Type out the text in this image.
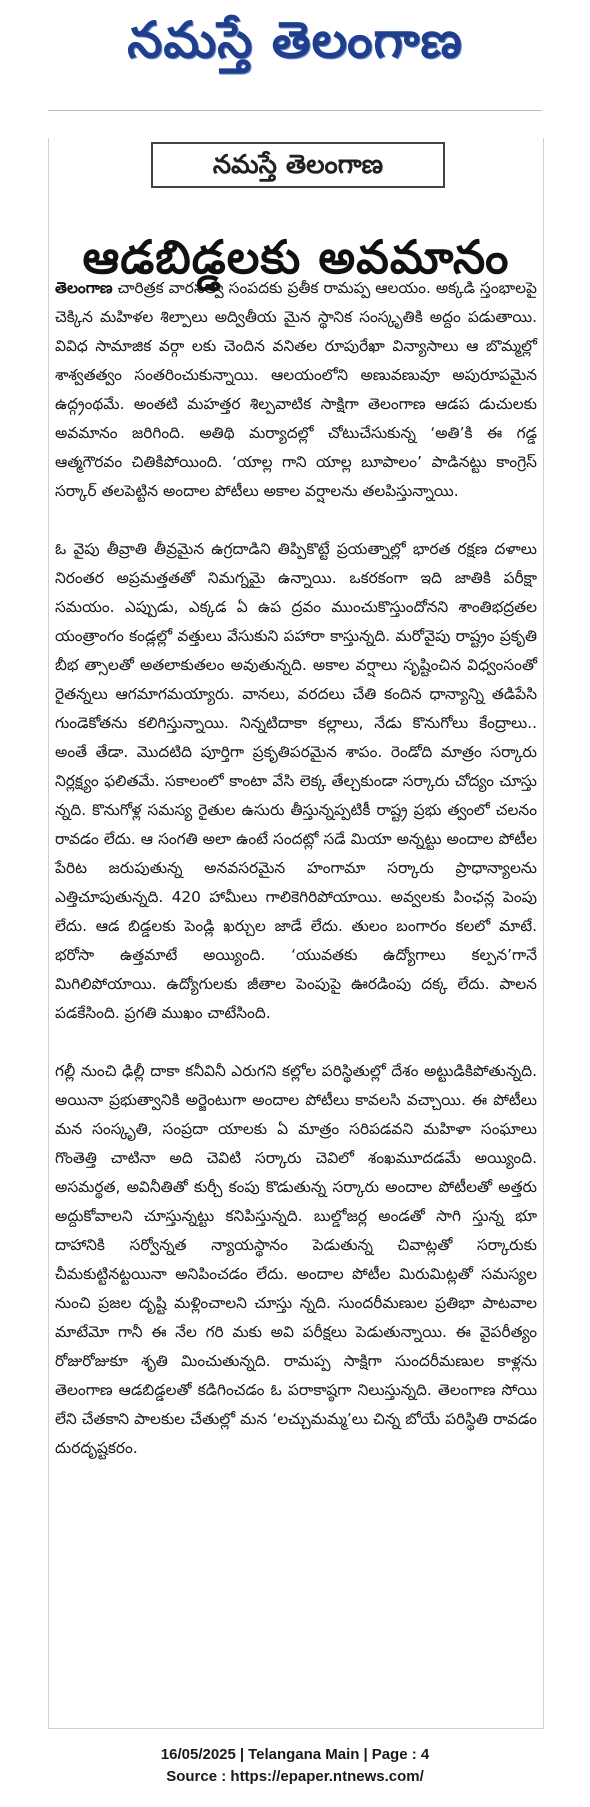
నమస్తే తెలంగాణ
నమస్తే తెలంగాణ
ఆడబిడ్డలకు అవమానం

తెలంగాణ చారిత్రక వారసత్వ సంపదకు ప్రతీక రామప్ప ఆలయం. అక్కడి స్తంభాలపై చెక్కిన మహిళల శిల్పాలు అద్వితీయ మైన స్థానిక సంస్కృతికి అద్దం పడుతాయి. వివిధ సామాజిక వర్గా లకు చెందిన వనితల రూపురేఖా విన్యాసాలు ఆ బొమ్మల్లో శాశ్వతత్వం సంతరించుకున్నాయి. ఆలయంలోని అణువణువూ అపురూపమైన ఉద్గ్రంథమే. అంతటి మహత్తర శిల్పవాటిక సాక్షిగా తెలంగాణ ఆడప డుచులకు అవమానం జరిగింది. అతిథి మర్యాదల్లో చోటుచేసుకున్న ‘అతి’కి ఈ గడ్డ ఆత్మగౌరవం చితికిపోయింది. ‘యాల్ల గాని యాల్ల బూపాలం’ పాడినట్టు కాంగ్రెస్ సర్కార్ తలపెట్టిన అందాల పోటీలు అకాల వర్షాలను తలపిస్తున్నాయి.

ఓ వైపు తీవ్రాతి తీవ్రమైన ఉగ్రదాడిని తిప్పికొట్టే ప్రయత్నాల్లో భారత రక్షణ దళాలు నిరంతర అప్రమత్తతతో నిమగ్నమై ఉన్నాయి. ఒకరకంగా ఇది జాతికి పరీక్షా సమయం. ఎప్పుడు, ఎక్కడ ఏ ఉప ద్రవం ముంచుకొస్తుందోనని శాంతిభద్రతల యంత్రాంగం కండ్లల్లో వత్తులు వేసుకుని పహారా కాస్తున్నది. మరోవైపు రాష్ట్రం ప్రకృతి బీభ త్సాలతో అతలాకుతలం అవుతున్నది. అకాల వర్షాలు సృష్టించిన విధ్వంసంతో రైతన్నలు ఆగమాగమయ్యారు. వానలు, వరదలు చేతి కందిన ధాన్యాన్ని తడిపేసి గుండెకోతను కలిగిస్తున్నాయి. నిన్నటిదాకా కల్లాలు, నేడు కొనుగోలు కేంద్రాలు.. అంతే తేడా. మొదటిది పూర్తిగా ప్రకృతిపరమైన శాపం. రెండోది మాత్రం సర్కారు నిర్లక్ష్యం ఫలితమే. సకాలంలో కాంటా వేసి లెక్క తేల్చకుండా సర్కారు చోద్యం చూస్తు న్నది. కొనుగోళ్ల సమస్య రైతుల ఉసురు తీస్తున్నప్పటికీ రాష్ట్ర ప్రభు త్వంలో చలనం రావడం లేదు. ఆ సంగతి అలా ఉంటే సందట్లో సడే మియా అన్నట్టు అందాల పోటీల పేరిట జరుపుతున్న అనవసరమైన హంగామా సర్కారు ప్రాధాన్యాలను ఎత్తిచూపుతున్నది. 420 హామీలు గాలికెగిరిపోయాయి. అవ్వలకు పింఛన్ల పెంపు లేదు. ఆడ బిడ్డలకు పెండ్లి ఖర్చుల జాడే లేదు. తులం బంగారం కలలో మాటే. భరోసా ఉత్తమాటే అయ్యింది. ‘యువతకు ఉద్యోగాలు కల్పన’గానే మిగిలిపోయాయి. ఉద్యోగులకు జీతాల పెంపుపై ఊరడింపు దక్క లేదు. పాలన పడకేసింది. ప్రగతి ముఖం చాటేసింది.

గల్లీ నుంచి ఢిల్లీ దాకా కనీవినీ ఎరుగని కల్లోల పరిస్థితుల్లో దేశం అట్టుడికిపోతున్నది. అయినా ప్రభుత్వానికి అర్జెంటుగా అందాల పోటీలు కావలసి వచ్చాయి. ఈ పోటీలు మన సంస్కృతి, సంప్రదా యాలకు ఏ మాత్రం సరిపడవని మహిళా సంఘాలు గొంతెత్తి చాటినా అది చెవిటి సర్కారు చెవిలో శంఖమూదడమే అయ్యింది. అసమర్థత, అవినీతితో కుర్చీ కంపు కొడుతున్న సర్కారు అందాల పోటీలతో అత్తరు అద్దుకోవాలని చూస్తున్నట్టు కనిపిస్తున్నది. బుల్డోజర్ల అండతో సాగి స్తున్న భూ దాహానికి సర్వోన్నత న్యాయస్థానం పెడుతున్న చివాట్లతో సర్కారుకు చీమకుట్టినట్టయినా అనిపించడం లేదు. అందాల పోటీల మిరుమిట్లతో సమస్యల నుంచి ప్రజల దృష్టి మళ్లించాలని చూస్తు న్నది. సుందరీమణుల ప్రతిభా పాటవాల మాటేమో గానీ ఈ నేల గరి మకు అవి పరీక్షలు పెడుతున్నాయి. ఈ వైపరీత్యం రోజురోజుకూ శృతి మించుతున్నది. రామప్ప సాక్షిగా సుందరీమణుల కాళ్లను తెలంగాణ ఆడబిడ్డలతో కడిగించడం ఓ పరాకాష్ఠగా నిలుస్తున్నది. తెలంగాణ సోయి లేని చేతకాని పాలకుల చేతుల్లో మన ‘లచ్చుమమ్మ’లు చిన్న బోయే పరిస్థితి రావడం దురదృష్టకరం.

16/05/2025 | Telangana Main | Page : 4
Source : https://epaper.ntnews.com/
